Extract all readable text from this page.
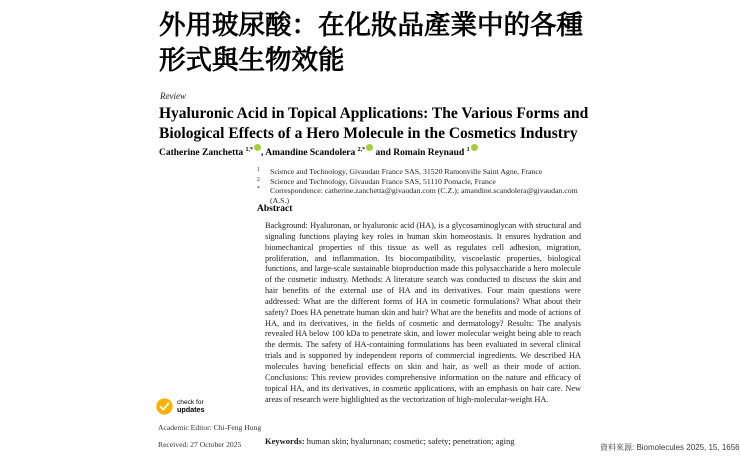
外用玻尿酸：在化妝品產業中的各種
形式與生物效能
Review
Hyaluronic Acid in Topical Applications: The Various Forms and
Biological Effects of a Hero Molecule in the Cosmetics Industry
Catherine Zanchetta $^{1,*}$ , Amandine Scandolera $^{2,*}$ and Romain Reynaud $^1$
1	Science and Technology, Givaudan France SAS, 31520 Ramonville Saint Agne, France
2	Science and Technology, Givaudan France SAS, 51110 Pomacle, France
*	Correspondence: catherine.zanchetta@givaudan.com (C.Z.); amandine.scandolera@givaudan.com (A.S.)
Abstract
Background: Hyaluronan, or hyaluronic acid (HA), is a glycosaminoglycan with structural and signaling functions playing key roles in human skin homeostasis. It ensures hydration and biomechanical properties of this tissue as well as regulates cell adhesion, migration, proliferation, and inflammation. Its biocompatibility, viscoelastic properties, biological functions, and large-scale sustainable bioproduction made this polysaccharide a hero molecule of the cosmetic industry. Methods: A literature search was conducted to discuss the skin and hair benefits of the external use of HA and its derivatives. Four main questions were addressed: What are the different forms of HA in cosmetic formulations? What about their safety? Does HA penetrate human skin and hair? What are the benefits and mode of actions of HA, and its derivatives, in the fields of cosmetic and dermatology? Results: The analysis revealed HA below 100 kDa to penetrate skin, and lower molecular weight being able to reach the dermis. The safety of HA-containing formulations has been evaluated in several clinical trials and is supported by independent reports of commercial ingredients. We described HA molecules having beneficial effects on skin and hair, as well as their mode of action. Conclusions: This review provides comprehensive information on the nature and efficacy of topical HA, and its derivatives, in cosmetic applications, with an emphasis on hair care. New areas of research were highlighted as the vectorization of high-molecular-weight HA.
Keywords: human skin; hyaluronan; cosmetic; safety; penetration; aging
check for
updates
Academic Editor: Chi-Feng Hung
Received: 27 October 2025	資料來源: Biomolecules 2025, 15, 1656
